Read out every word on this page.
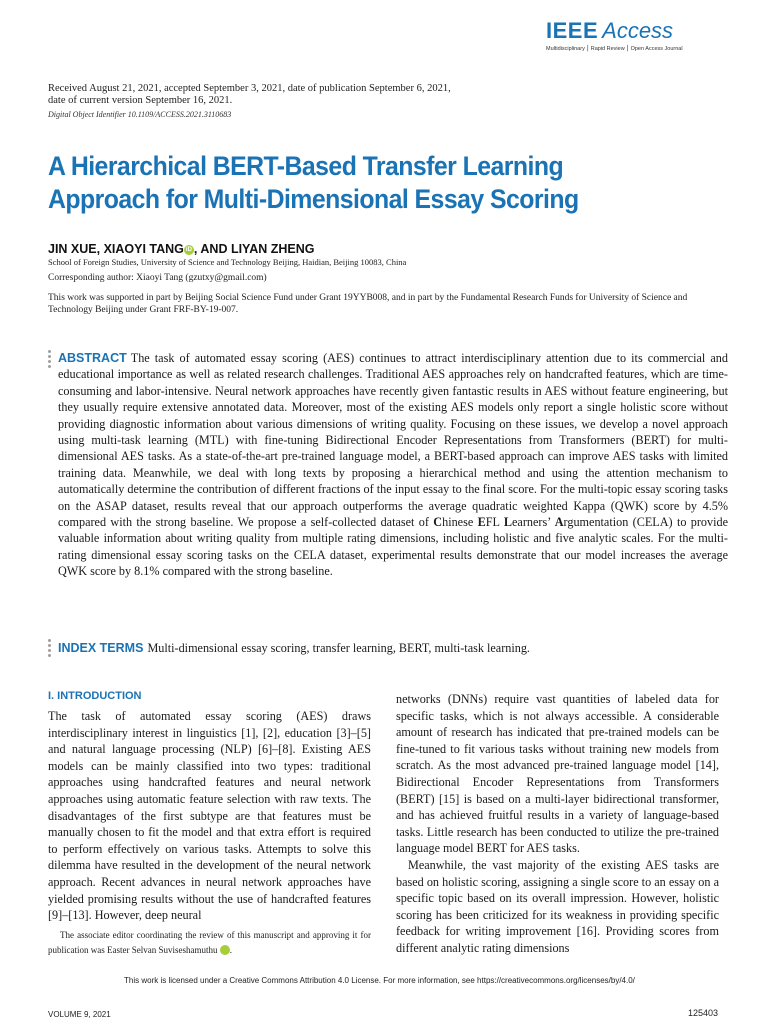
IEEE Access
Multidisciplinary ⎮ Rapid Review ⎮ Open Access Journal
Received August 21, 2021, accepted September 3, 2021, date of publication September 6, 2021,
date of current version September 16, 2021.
Digital Object Identifier 10.1109/ACCESS.2021.3110683
A Hierarchical BERT-Based Transfer Learning
Approach for Multi-Dimensional Essay Scoring
JIN XUE, XIAOYI TANG iD , AND LIYAN ZHENG
School of Foreign Studies, University of Science and Technology Beijing, Haidian, Beijing 10083, China
Corresponding author: Xiaoyi Tang (gzutxy@gmail.com)
This work was supported in part by Beijing Social Science Fund under Grant 19YYB008, and in part by the Fundamental Research Funds for University of Science and Technology Beijing under Grant FRF-BY-19-007.
ABSTRACT The task of automated essay scoring (AES) continues to attract interdisciplinary attention due to its commercial and educational importance as well as related research challenges. Traditional AES approaches rely on handcrafted features, which are time-consuming and labor-intensive. Neural network approaches have recently given fantastic results in AES without feature engineering, but they usually require extensive annotated data. Moreover, most of the existing AES models only report a single holistic score without providing diagnostic information about various dimensions of writing quality. Focusing on these issues, we develop a novel approach using multi-task learning (MTL) with fine-tuning Bidirectional Encoder Representations from Transformers (BERT) for multi-dimensional AES tasks. As a state-of-the-art pre-trained language model, a BERT-based approach can improve AES tasks with limited training data. Meanwhile, we deal with long texts by proposing a hierarchical method and using the attention mechanism to automatically determine the contribution of different fractions of the input essay to the final score. For the multi-topic essay scoring tasks on the ASAP dataset, results reveal that our approach outperforms the average quadratic weighted Kappa (QWK) score by 4.5% compared with the strong baseline. We propose a self-collected dataset of Chinese EFL Learners’ Argumentation (CELA) to provide valuable information about writing quality from multiple rating dimensions, including holistic and five analytic scales. For the multi-rating dimensional essay scoring tasks on the CELA dataset, experimental results demonstrate that our model increases the average QWK score by 8.1% compared with the strong baseline.
INDEX TERMS Multi-dimensional essay scoring, transfer learning, BERT, multi-task learning.
I. INTRODUCTION
The task of automated essay scoring (AES) draws interdisciplinary interest in linguistics [1], [2], education [3]–[5] and natural language processing (NLP) [6]–[8]. Existing AES models can be mainly classified into two types: traditional approaches using handcrafted features and neural network approaches using automatic feature selection with raw texts. The disadvantages of the first subtype are that features must be manually chosen to fit the model and that extra effort is required to perform effectively on various tasks. Attempts to solve this dilemma have resulted in the development of the neural network approach. Recent advances in neural network approaches have yielded promising results without the use of handcrafted features [9]–[13]. However, deep neural
networks (DNNs) require vast quantities of labeled data for specific tasks, which is not always accessible. A considerable amount of research has indicated that pre-trained models can be fine-tuned to fit various tasks without training new models from scratch. As the most advanced pre-trained language model [14], Bidirectional Encoder Representations from Transformers (BERT) [15] is based on a multi-layer bidirectional transformer, and has achieved fruitful results in a variety of language-based tasks. Little research has been conducted to utilize the pre-trained language model BERT for AES tasks.
Meanwhile, the vast majority of the existing AES tasks are based on holistic scoring, assigning a single score to an essay on a specific topic based on its overall impression. However, holistic scoring has been criticized for its weakness in providing specific feedback for writing improvement [16]. Providing scores from different analytic rating dimensions
The associate editor coordinating the review of this manuscript and approving it for publication was Easter Selvan Suviseshamuthu iD.
This work is licensed under a Creative Commons Attribution 4.0 License. For more information, see https://creativecommons.org/licenses/by/4.0/
VOLUME 9, 2021	125403
